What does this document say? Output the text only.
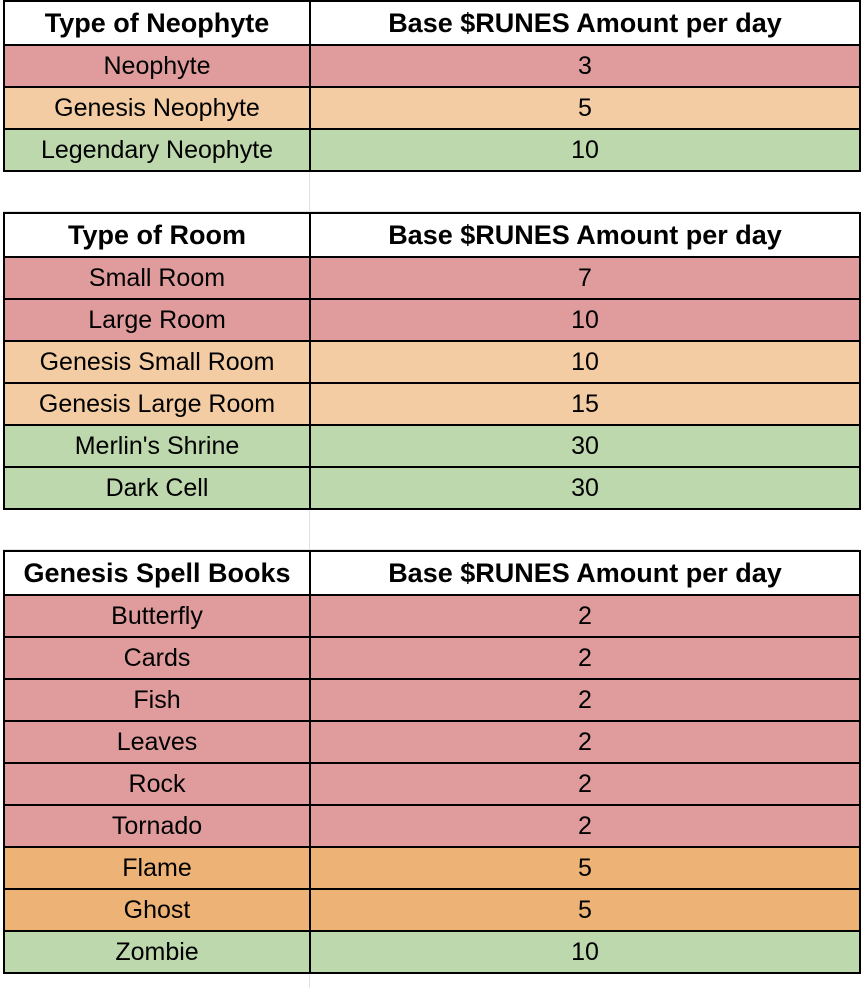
Type of Neophyte	Base $RUNES Amount per day
Neophyte	3
Genesis Neophyte	5
Legendary Neophyte	10
Type of Room	Base $RUNES Amount per day
Small Room	7
Large Room	10
Genesis Small Room	10
Genesis Large Room	15
Merlin's Shrine	30
Dark Cell	30
Genesis Spell Books	Base $RUNES Amount per day
Butterfly	2
Cards	2
Fish	2
Leaves	2
Rock	2
Tornado	2
Flame	5
Ghost	5
Zombie	10
